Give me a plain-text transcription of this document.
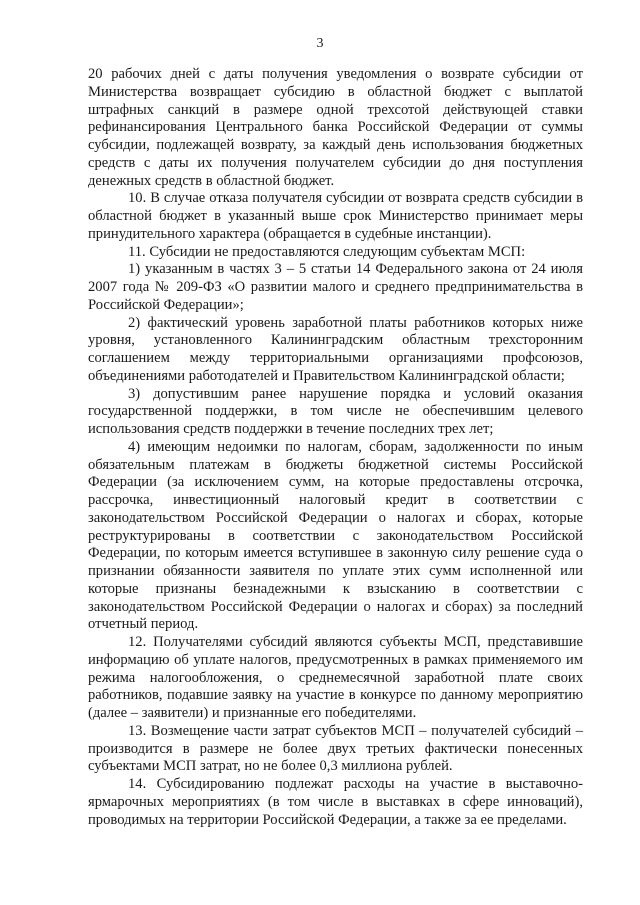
3

20 рабочих дней с даты получения уведомления о возврате субсидии от Министерства возвращает субсидию в областной бюджет с выплатой штрафных санкций в размере одной трехсотой действующей ставки рефинансирования Центрального банка Российской Федерации от суммы субсидии, подлежащей возврату, за каждый день использования бюджетных средств с даты их получения получателем субсидии до дня поступления денежных средств в областной бюджет.

10. В случае отказа получателя субсидии от возврата средств субсидии в областной бюджет в указанный выше срок Министерство принимает меры принудительного характера (обращается в судебные инстанции).

11. Субсидии не предоставляются следующим субъектам МСП:

1) указанным в частях 3 – 5 статьи 14 Федерального закона от 24 июля 2007 года № 209-ФЗ «О развитии малого и среднего предпринимательства в Российской Федерации»;

2) фактический уровень заработной платы работников которых ниже уровня, установленного Калининградским областным трехсторонним соглашением между территориальными организациями профсоюзов, объединениями работодателей и Правительством Калининградской области;

3) допустившим ранее нарушение порядка и условий оказания государственной поддержки, в том числе не обеспечившим целевого использования средств поддержки в течение последних трех лет;

4) имеющим недоимки по налогам, сборам, задолженности по иным обязательным платежам в бюджеты бюджетной системы Российской Федерации (за исключением сумм, на которые предоставлены отсрочка, рассрочка, инвестиционный налоговый кредит в соответствии с законодательством Российской Федерации о налогах и сборах, которые реструктурированы в соответствии с законодательством Российской Федерации, по которым имеется вступившее в законную силу решение суда о признании обязанности заявителя по уплате этих сумм исполненной или которые признаны безнадежными к взысканию в соответствии с законодательством Российской Федерации о налогах и сборах) за последний отчетный период.

12. Получателями субсидий являются субъекты МСП, представившие информацию об уплате налогов, предусмотренных в рамках применяемого им режима налогообложения, о среднемесячной заработной плате своих работников, подавшие заявку на участие в конкурсе по данному мероприятию (далее – заявители) и признанные его победителями.

13. Возмещение части затрат субъектов МСП – получателей субсидий – производится в размере не более двух третьих фактически понесенных субъектами МСП затрат, но не более 0,3 миллиона рублей.

14. Субсидированию подлежат расходы на участие в выставочно-ярмарочных мероприятиях (в том числе в выставках в сфере инноваций), проводимых на территории Российской Федерации, а также за ее пределами.
